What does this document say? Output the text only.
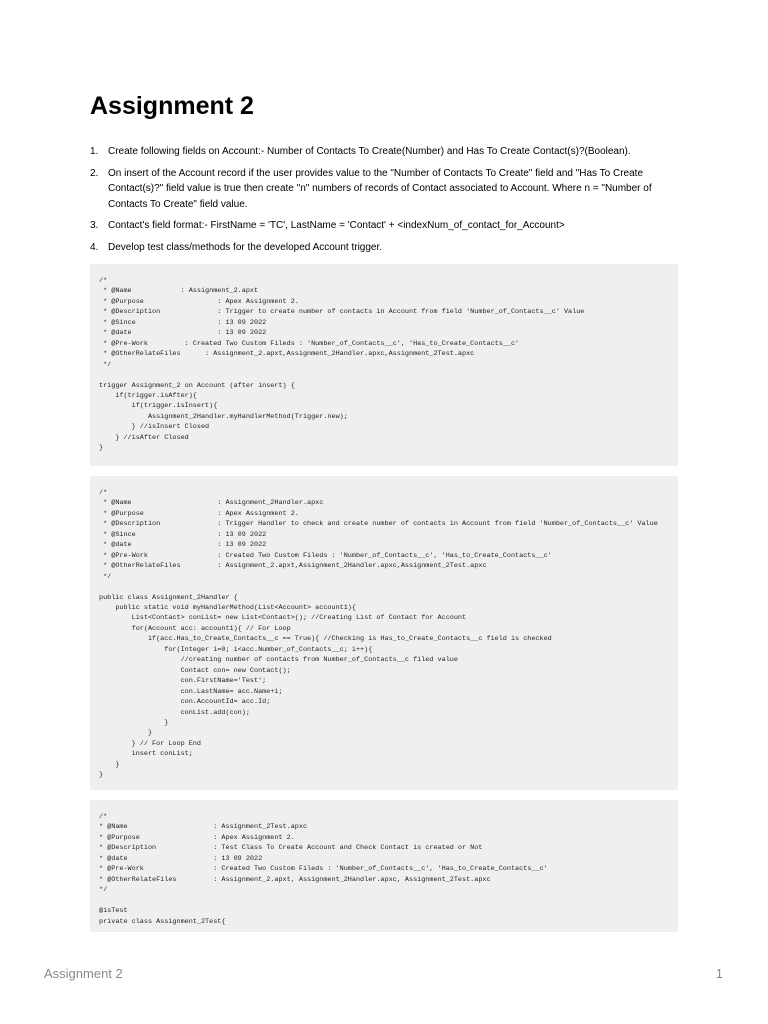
Assignment 2
1. Create following fields on Account:- Number of Contacts To Create(Number) and Has To Create Contact(s)?(Boolean).
2. On insert of the Account record if the user provides value to the "Number of Contacts To Create" field and "Has To Create Contact(s)?" field value is true then create "n" numbers of records of Contact associated to Account. Where n = "Number of Contacts To Create" field value.
3. Contact's field format:- FirstName = 'TC', LastName = 'Contact' + <indexNum_of_contact_for_Account>
4. Develop test class/methods for the developed Account trigger.
/*
* @Name            : Assignment_2.apxt
* @Purpose                  : Apex Assignment 2.
* @Description              : Trigger to create number of contacts in Account from field 'Number_of_Contacts__c' Value
* @Since                    : 13 09 2022
* @date                     : 13 09 2022
* @Pre-Work         : Created Two Custom Fileds : 'Number_of_Contacts__c', 'Has_to_Create_Contacts__c'
* @OtherRelateFiles      : Assignment_2.apxt,Assignment_2Handler.apxc,Assignment_2Test.apxc
*/

trigger Assignment_2 on Account (after insert) {
if(trigger.isAfter){
if(trigger.isInsert){
Assignment_2Handler.myHandlerMethod(Trigger.new);
} //isInsert Closed
} //isAfter Closed
}
/*
* @Name                     : Assignment_2Handler.apxc
* @Purpose                  : Apex Assignment 2.
* @Description              : Trigger Handler to check and create number of contacts in Account from field 'Number_of_Contacts__c' Value
* @Since                    : 13 09 2022
* @date                     : 13 09 2022
* @Pre-Work                 : Created Two Custom Fileds : 'Number_of_Contacts__c', 'Has_to_Create_Contacts__c'
* @OtherRelateFiles         : Assignment_2.apxt,Assignment_2Handler.apxc,Assignment_2Test.apxc
*/

public class Assignment_2Handler {
public static void myHandlerMethod(List<Account> account1){
List<Contact> conList= new List<Contact>(); //Creating List of Contact for Account
for(Account acc: account1){ // For Loop
if(acc.Has_to_Create_Contacts__c == True){ //Checking is Has_to_Create_Contacts__c field is checked
for(Integer i=0; i<acc.Number_of_Contacts__c; i++){
//creating number of contacts from Number_of_Contacts__c filed value
Contact con= new Contact();
con.FirstName='Test';
con.LastName= acc.Name+i;
con.AccountId= acc.Id;
conList.add(con);
}
}
} // For Loop End
insert conList;
}
}
/*
* @Name                     : Assignment_2Test.apxc
* @Purpose                  : Apex Assignment 2.
* @Description              : Test Class To Create Account and Check Contact is created or Not
* @date                     : 13 09 2022
* @Pre-Work                 : Created Two Custom Fileds : 'Number_of_Contacts__c', 'Has_to_Create_Contacts__c'
* @OtherRelateFiles         : Assignment_2.apxt, Assignment_2Handler.apxc, Assignment_2Test.apxc
*/

@isTest
private class Assignment_2Test{
Assignment 2	1
